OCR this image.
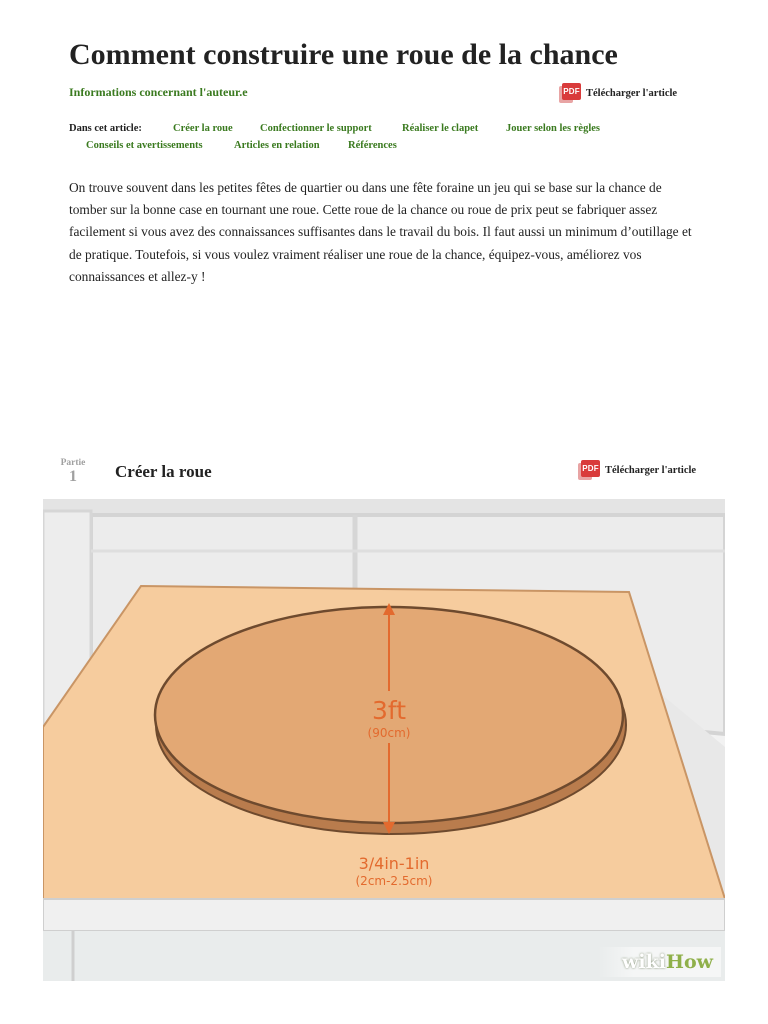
Comment construire une roue de la chance
Informations concernant l'auteur.e	PDF Télécharger l'article
Dans cet article:	Créer la roue	Confectionner le support	Réaliser le clapet	Jouer selon les règles
Conseils et avertissements	Articles en relation	Références

On trouve souvent dans les petites fêtes de quartier ou dans une fête foraine un jeu qui se base sur la chance de tomber sur la bonne case en tournant une roue. Cette roue de la chance ou roue de prix peut se fabriquer assez facilement si vous avez des connaissances suffisantes dans le travail du bois. Il faut aussi un minimum d’outillage et de pratique. Toutefois, si vous voulez vraiment réaliser une roue de la chance, équipez-vous, améliorez vos connaissances et allez-y !

Partie
1	Créer la roue	PDF Télécharger l'article
3ft
(90cm)
3/4in-1in
(2cm-2.5cm)
wiki How
